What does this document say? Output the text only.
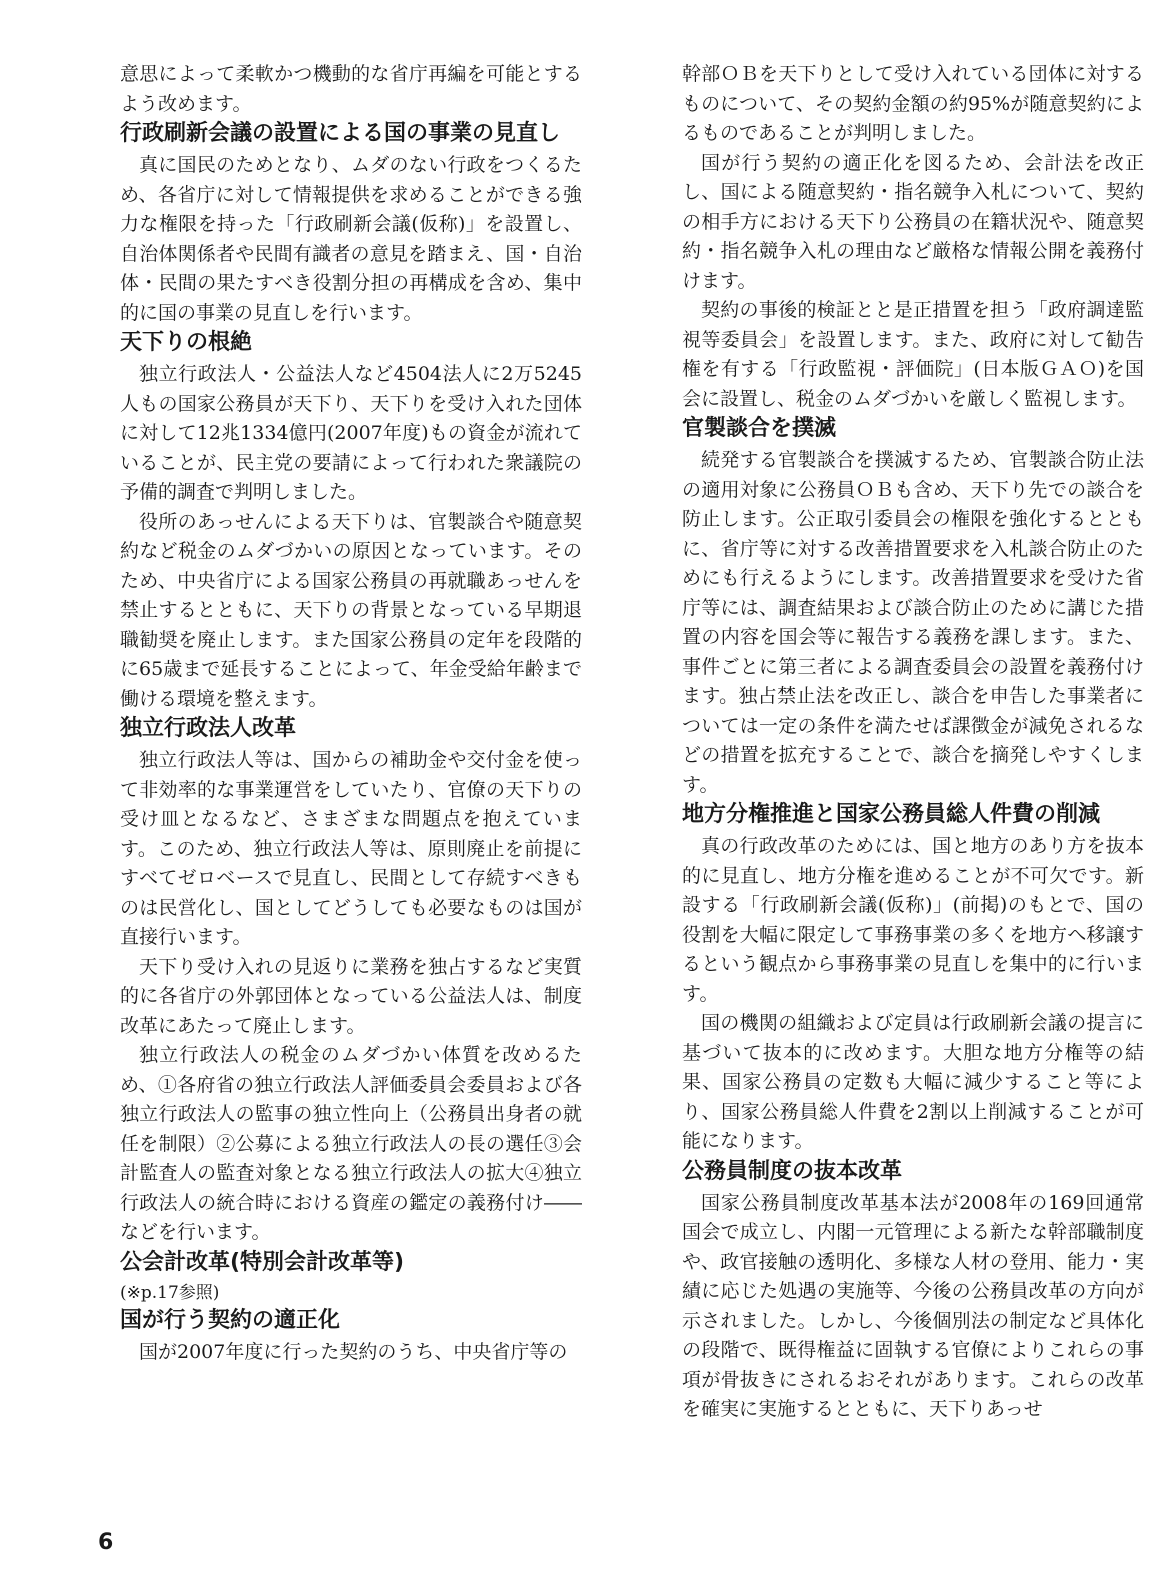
意思によって柔軟かつ機動的な省庁再編を可能とするよう改めます。

行政刷新会議の設置による国の事業の見直し

真に国民のためとなり、ムダのない行政をつくるため、各省庁に対して情報提供を求めることができる強力な権限を持った「行政刷新会議(仮称)」を設置し、自治体関係者や民間有識者の意見を踏まえ、国・自治体・民間の果たすべき役割分担の再構成を含め、集中的に国の事業の見直しを行います。

天下りの根絶

独立行政法人・公益法人など4504法人に2万5245人もの国家公務員が天下り、天下りを受け入れた団体に対して12兆1334億円(2007年度)もの資金が流れていることが、民主党の要請によって行われた衆議院の予備的調査で判明しました。

役所のあっせんによる天下りは、官製談合や随意契約など税金のムダづかいの原因となっています。そのため、中央省庁による国家公務員の再就職あっせんを禁止するとともに、天下りの背景となっている早期退職勧奨を廃止します。また国家公務員の定年を段階的に65歳まで延長することによって、年金受給年齢まで働ける環境を整えます。

独立行政法人改革

独立行政法人等は、国からの補助金や交付金を使って非効率的な事業運営をしていたり、官僚の天下りの受け皿となるなど、さまざまな問題点を抱えています。このため、独立行政法人等は、原則廃止を前提にすべてゼロベースで見直し、民間として存続すべきものは民営化し、国としてどうしても必要なものは国が直接行います。

天下り受け入れの見返りに業務を独占するなど実質的に各省庁の外郭団体となっている公益法人は、制度改革にあたって廃止します。

独立行政法人の税金のムダづかい体質を改めるため、①各府省の独立行政法人評価委員会委員および各独立行政法人の監事の独立性向上（公務員出身者の就任を制限）②公募による独立行政法人の長の選任③会計監査人の監査対象となる独立行政法人の拡大④独立行政法人の統合時における資産の鑑定の義務付け――などを行います。

公会計改革(特別会計改革等)

(※p.17参照)

国が行う契約の適正化

国が2007年度に行った契約のうち、中央省庁等の

幹部ＯＢを天下りとして受け入れている団体に対するものについて、その契約金額の約95%が随意契約によるものであることが判明しました。

国が行う契約の適正化を図るため、会計法を改正し、国による随意契約・指名競争入札について、契約の相手方における天下り公務員の在籍状況や、随意契約・指名競争入札の理由など厳格な情報公開を義務付けます。

契約の事後的検証とと是正措置を担う「政府調達監視等委員会」を設置します。また、政府に対して勧告権を有する「行政監視・評価院」(日本版ＧＡＯ)を国会に設置し、税金のムダづかいを厳しく監視します。

官製談合を撲滅

続発する官製談合を撲滅するため、官製談合防止法の適用対象に公務員ＯＢも含め、天下り先での談合を防止します。公正取引委員会の権限を強化するとともに、省庁等に対する改善措置要求を入札談合防止のためにも行えるようにします。改善措置要求を受けた省庁等には、調査結果および談合防止のために講じた措置の内容を国会等に報告する義務を課します。また、事件ごとに第三者による調査委員会の設置を義務付けます。独占禁止法を改正し、談合を申告した事業者については一定の条件を満たせば課徴金が減免されるなどの措置を拡充することで、談合を摘発しやすくします。

地方分権推進と国家公務員総人件費の削減

真の行政改革のためには、国と地方のあり方を抜本的に見直し、地方分権を進めることが不可欠です。新設する「行政刷新会議(仮称)」(前掲)のもとで、国の役割を大幅に限定して事務事業の多くを地方へ移譲するという観点から事務事業の見直しを集中的に行います。

国の機関の組織および定員は行政刷新会議の提言に基づいて抜本的に改めます。大胆な地方分権等の結果、国家公務員の定数も大幅に減少すること等により、国家公務員総人件費を2割以上削減することが可能になります。

公務員制度の抜本改革

国家公務員制度改革基本法が2008年の169回通常国会で成立し、内閣一元管理による新たな幹部職制度や、政官接触の透明化、多様な人材の登用、能力・実績に応じた処遇の実施等、今後の公務員改革の方向が示されました。しかし、今後個別法の制定など具体化の段階で、既得権益に固執する官僚によりこれらの事項が骨抜きにされるおそれがあります。これらの改革を確実に実施するとともに、天下りあっせ

6
